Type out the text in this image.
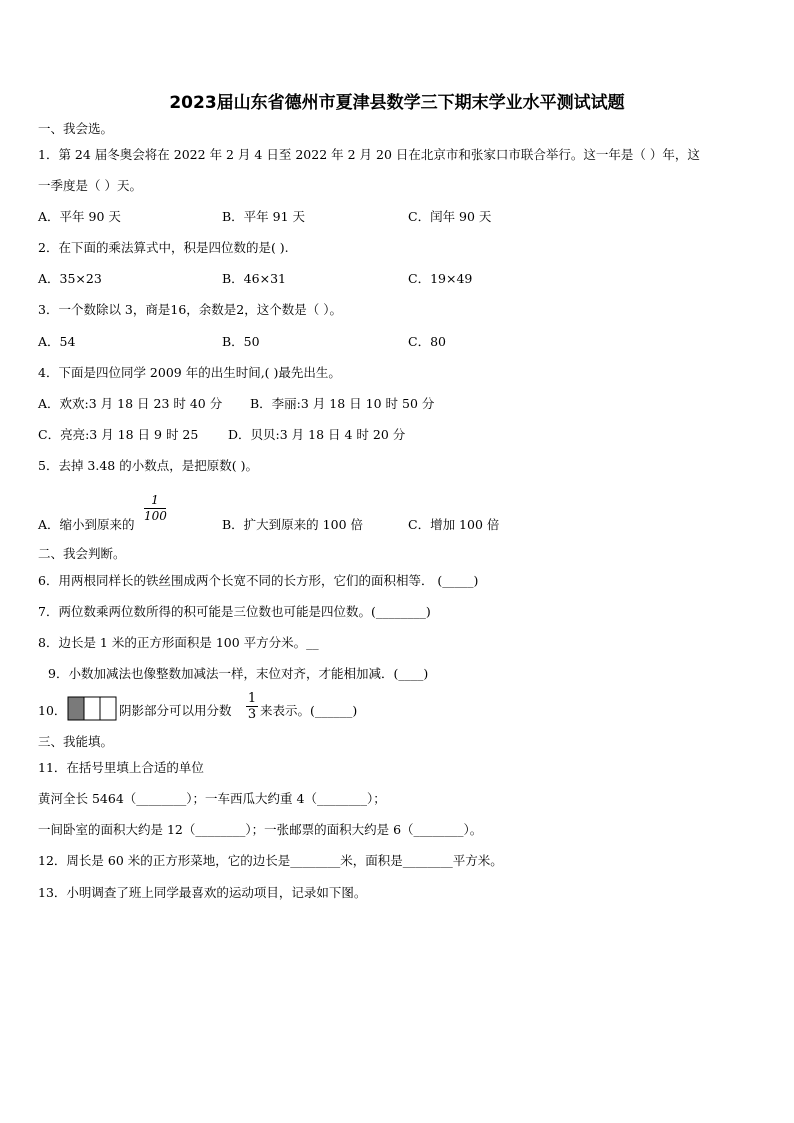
2023届山东省德州市夏津县数学三下期末学业水平测试试题
一、我会选。
1．第 24 届冬奥会将在 2022 年 2 月 4 日至 2022 年 2 月 20 日在北京市和张家口市联合举行。这一年是（ ）年，这
一季度是（ ）天。
A．平年 90 天	B．平年 91 天	C．闰年 90 天
2．在下面的乘法算式中，积是四位数的是( ).
A．35×23	B．46×31	C．19×49
3．一个数除以 3，商是16，余数是2，这个数是（ ）。
A．54	B．50	C．80
4．下面是四位同学 2009 年的出生时间,( )最先出生。
A．欢欢:3 月 18 日 23 时 40 分 B．李丽:3 月 18 日 10 时 50 分
C．亮亮:3 月 18 日 9 时 25 D．贝贝:3 月 18 日 4 时 20 分
5．去掉 3.48 的小数点，是把原数( )。
A．缩小到原来的
1
100
B．扩大到原来的 100 倍	C．增加 100 倍
二、我会判断。
6．用两根同样长的铁丝围成两个长宽不同的长方形，它们的面积相等． (_____)
7．两位数乘两位数所得的积可能是三位数也可能是四位数。(________)
8．边长是 1 米的正方形面积是 100 平方分米。__
9．小数加减法也像整数加减法一样，末位对齐，才能相加减．(____)
10．	阴影部分可以用分数
1
3 来表示。(______)
三、我能填。
11．在括号里填上合适的单位
黄河全长 5464（________）；一车西瓜大约重 4（________）；
一间卧室的面积大约是 12（________）；一张邮票的面积大约是 6（________）。
12．周长是 60 米的正方形菜地，它的边长是________米，面积是________平方米。
13．小明调查了班上同学最喜欢的运动项目，记录如下图。
